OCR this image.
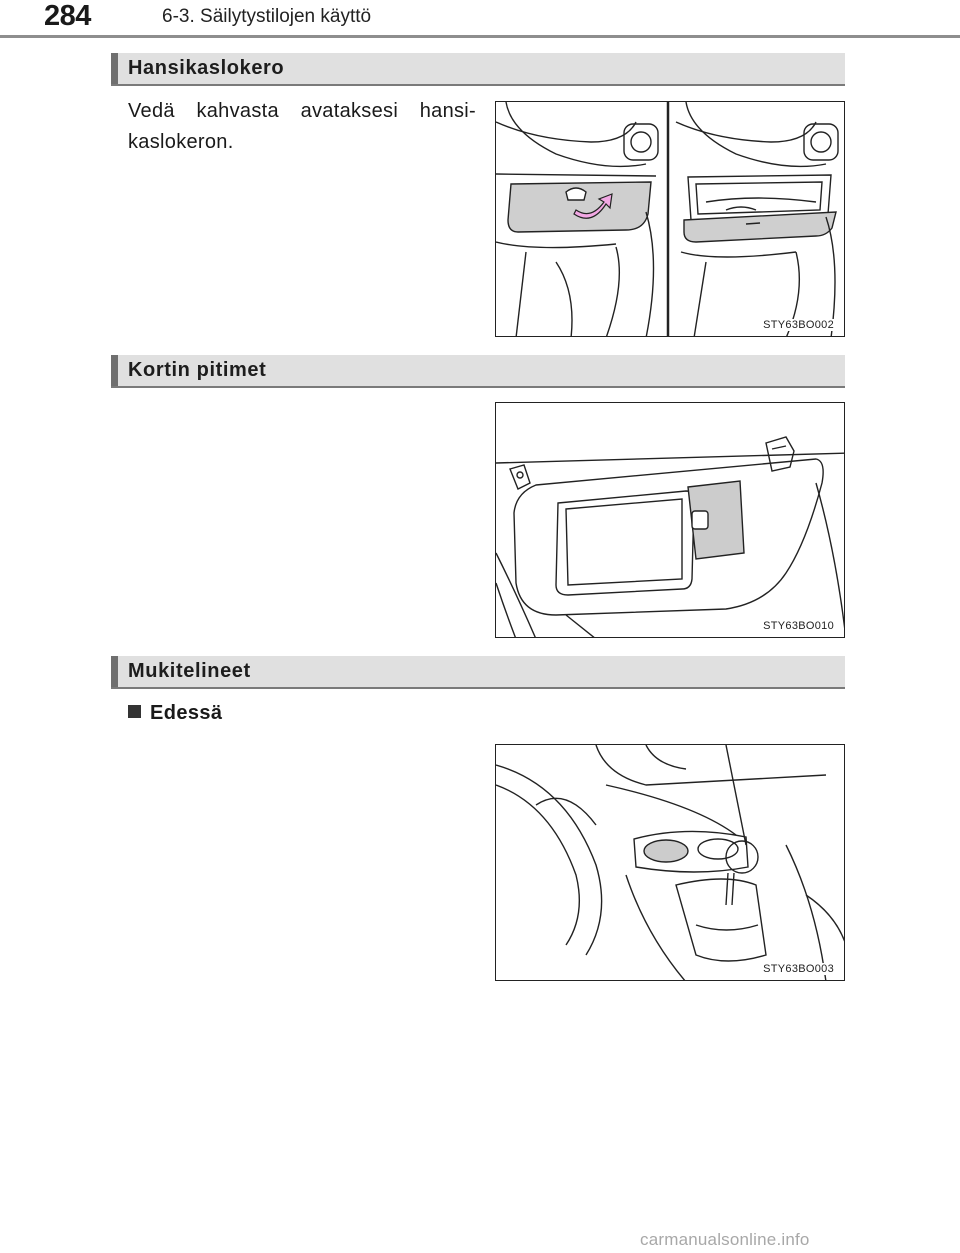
284	6-3. Säilytystilojen käyttö
Hansikaslokero
Vedä kahvasta avataksesi hansi-kaslokeron.
STY63BO002
Kortin pitimet
STY63BO010
Mukitelineet
Edessä
STY63BO003
carmanualsonline.info
